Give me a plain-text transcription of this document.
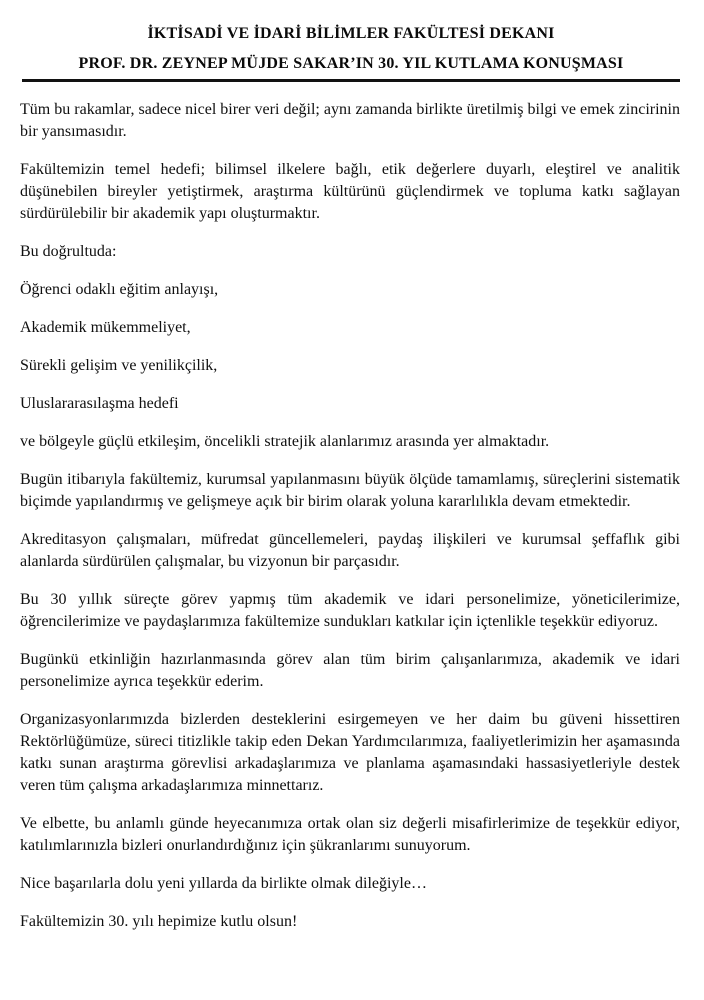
İKTİSADİ VE İDARİ BİLİMLER FAKÜLTESİ DEKANI
PROF. DR. ZEYNEP MÜJDE SAKAR’IN 30. YIL KUTLAMA KONUŞMASI

Tüm bu rakamlar, sadece nicel birer veri değil; aynı zamanda birlikte üretilmiş bilgi ve emek zincirinin bir yansımasıdır.

Fakültemizin temel hedefi; bilimsel ilkelere bağlı, etik değerlere duyarlı, eleştirel ve analitik düşünebilen bireyler yetiştirmek, araştırma kültürünü güçlendirmek ve topluma katkı sağlayan sürdürülebilir bir akademik yapı oluşturmaktır.

Bu doğrultuda:

Öğrenci odaklı eğitim anlayışı,

Akademik mükemmeliyet,

Sürekli gelişim ve yenilikçilik,

Uluslararasılaşma hedefi

ve bölgeyle güçlü etkileşim, öncelikli stratejik alanlarımız arasında yer almaktadır.

Bugün itibarıyla fakültemiz, kurumsal yapılanmasını büyük ölçüde tamamlamış, süreçlerini sistematik biçimde yapılandırmış ve gelişmeye açık bir birim olarak yoluna kararlılıkla devam etmektedir.

Akreditasyon çalışmaları, müfredat güncellemeleri, paydaş ilişkileri ve kurumsal şeffaflık gibi alanlarda sürdürülen çalışmalar, bu vizyonun bir parçasıdır.

Bu 30 yıllık süreçte görev yapmış tüm akademik ve idari personelimize, yöneticilerimize, öğrencilerimize ve paydaşlarımıza fakültemize sundukları katkılar için içtenlikle teşekkür ediyoruz.

Bugünkü etkinliğin hazırlanmasında görev alan tüm birim çalışanlarımıza, akademik ve idari personelimize ayrıca teşekkür ederim.

Organizasyonlarımızda bizlerden desteklerini esirgemeyen ve her daim bu güveni hissettiren Rektörlüğümüze, süreci titizlikle takip eden Dekan Yardımcılarımıza, faaliyetlerimizin her aşamasında katkı sunan araştırma görevlisi arkadaşlarımıza ve planlama aşamasındaki hassasiyetleriyle destek veren tüm çalışma arkadaşlarımıza minnettarız.

Ve elbette, bu anlamlı günde heyecanımıza ortak olan siz değerli misafirlerimize de teşekkür ediyor, katılımlarınızla bizleri onurlandırdığınız için şükranlarımı sunuyorum.

Nice başarılarla dolu yeni yıllarda da birlikte olmak dileğiyle…

Fakültemizin 30. yılı hepimize kutlu olsun!
